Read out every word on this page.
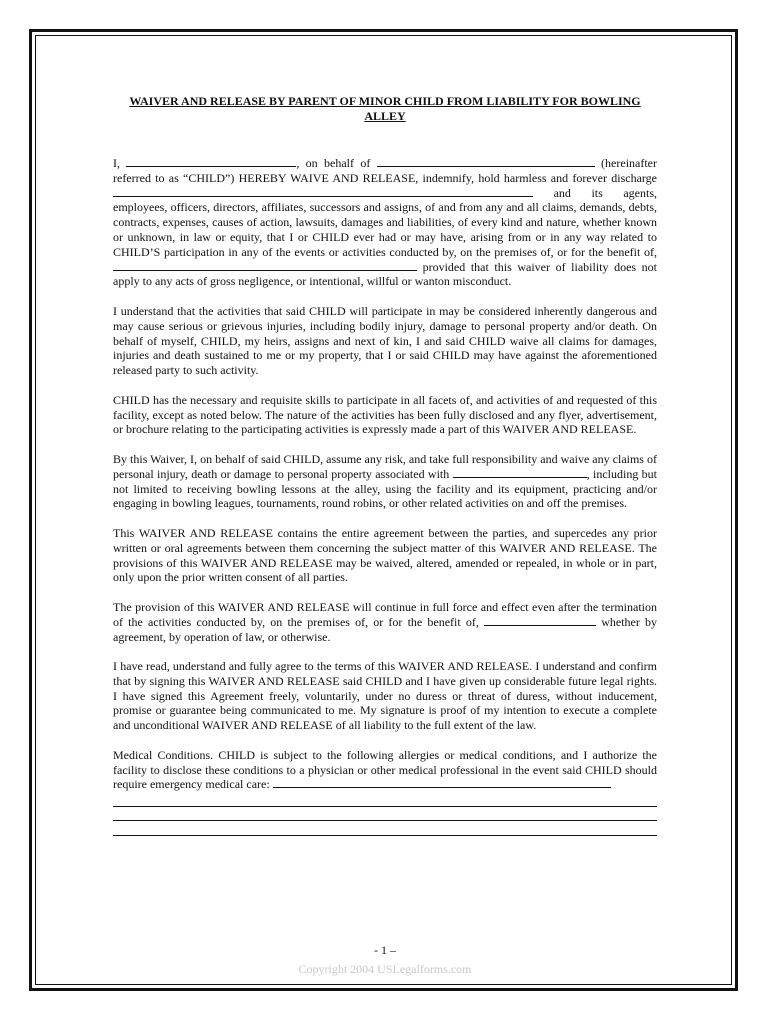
WAIVER AND RELEASE BY PARENT OF MINOR CHILD FROM LIABILITY FOR BOWLING
ALLEY

I,	, on behalf of	(hereinafter referred to as “CHILD”) HEREBY WAIVE AND RELEASE, indemnify, hold harmless and forever discharge  and its agents, employees, officers, directors, affiliates, successors and assigns, of and from any and all claims, demands, debts, contracts, expenses, causes of action, lawsuits, damages and liabilities, of every kind and nature, whether known or unknown, in law or equity, that I or CHILD ever had or may have, arising from or in any way related to CHILD’S participation in any of the events or activities conducted by, on the premises of, or for the benefit of,  provided that this waiver of liability does not apply to any acts of gross negligence, or intentional, willful or wanton misconduct.

I understand that the activities that said CHILD will participate in may be considered inherently dangerous and may cause serious or grievous injuries, including bodily injury, damage to personal property and/or death. On behalf of myself, CHILD, my heirs, assigns and next of kin, I and said CHILD waive all claims for damages, injuries and death sustained to me or my property, that I or said CHILD may have against the aforementioned released party to such activity.

CHILD has the necessary and requisite skills to participate in all facets of, and activities of and requested of this facility, except as noted below. The nature of the activities has been fully disclosed and any flyer, advertisement, or brochure relating to the participating activities is expressly made a part of this WAIVER AND RELEASE.

By this Waiver, I, on behalf of said CHILD, assume any risk, and take full responsibility and waive any claims of personal injury, death or damage to personal property associated with	, including but not limited to receiving bowling lessons at the alley, using the facility and its equipment, practicing and/or engaging in bowling leagues, tournaments, round robins, or other related activities on and off the premises.

This WAIVER AND RELEASE contains the entire agreement between the parties, and supercedes any prior written or oral agreements between them concerning the subject matter of this WAIVER AND RELEASE. The provisions of this WAIVER AND RELEASE may be waived, altered, amended or repealed, in whole or in part, only upon the prior written consent of all parties.

The provision of this WAIVER AND RELEASE will continue in full force and effect even after the termination of the activities conducted by, on the premises of, or for the benefit of,	whether by agreement, by operation of law, or otherwise.

I have read, understand and fully agree to the terms of this WAIVER AND RELEASE. I understand and confirm that by signing this WAIVER AND RELEASE said CHILD and I have given up considerable future legal rights. I have signed this Agreement freely, voluntarily, under no duress or threat of duress, without inducement, promise or guarantee being communicated to me. My signature is proof of my intention to execute a complete and unconditional WAIVER AND RELEASE of all liability to the full extent of the law.

Medical Conditions. CHILD is subject to the following allergies or medical conditions, and I authorize the facility to disclose these conditions to a physician or other medical professional in the event said CHILD should require emergency medical care:

- 1 –
Copyright 2004 USLegalforms.com
